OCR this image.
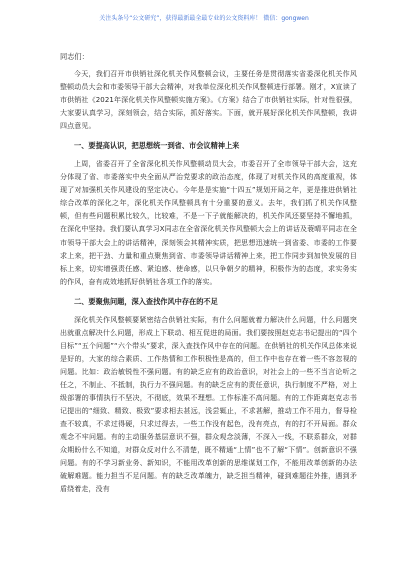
关注头条号“公文研究”，获得最新最全最专业的公文资料库！ 微信：gongwen

同志们：

今天，我们召开市供销社深化机关作风整顿会议，主要任务是贯彻落实省委深化机关作风整顿动员大会和市委领导干部大会精神，对我单位深化机关作风整顿进行部署。刚才，X宣读了市供销社《2021年深化机关作风整顿实施方案》。《方案》结合了市供销社实际，针对性很强，大家要认真学习，深刻领会，结合实际，抓好落实。下面，就开展好深化机关作风整顿，我讲四点意见。

一、要提高认识，把思想统一到省、市会议精神上来

上周，省委召开了全省深化机关作风整顿动员大会，市委召开了全市领导干部大会，这充分体现了省、市委落实中央全面从严治党要求的政治态度，体现了对机关作风的高度重视，体现了对加强机关作风建设的坚定决心。今年是是实施“十四五”规划开局之年，更是推进供销社综合改革的深化之年，深化机关作风整顿具有十分重要的意义。去年，我们抓了机关作风整顿，但有些问题积累比较久，比较难，不是一下子就能解决的，机关作风还要坚持不懈地抓，在深化中坚持。我们要认真学习X同志在全省深化机关作风整顿大会上的讲话及蓑晴平同志在全市领导干部大会上的讲话精神，深刻领会其精神实质，把思想迅速统一到省委、市委的工作要求上来，把干劲、力量和重点聚焦到省、市委领导讲话精神上来，把工作同步到加快发展的目标上来，切实增强责任感、紧迫感、使命感，以只争朝夕的精神，积极作为的态度，求实务实的作风，奋有成效地抓好供销社各项工作的落实。

二、要聚焦问题，深入查找作风中存在的不足

深化机关作风整顿要紧密结合供销社实际，有什么问题就着力解决什么问题，什么问题突出就重点解决什么问题，形成上下联动、相互促进的局面。我们要按照赵克志书记提出的“四个目标”“五个问题”“六个带头”要求，深入查找作风中存在的问题。在供销社的机关作风总体来说是好的，大家的综合素质、工作热情和工作积极性是高的，但工作中也存在着一些不容忽视的问题。比如：政治敏锐性不强问题。有的缺乏应有的政治意识，对社会上的一些不当言论听之任之，不制止、不抵制，执行力不强问题。有的缺乏应有的责任意识，执行制度不严格，对上级部署的事情执行不坚决，不彻底，效果不理想。工作标准不高问题。有的工作距离赵克志书记提出的“细致、精致、极致”要求相去甚远，浅尝辄止，不求甚解，推动工作不用力，督导检查不较真，不求过得硬，只求过得去，一些工作没有起色，没有亮点，有的打不开局面。群众观念不牢问题。有的主动服务基层意识不强，群众观念淡薄，不深入一线，不联系群众，对群众期盼什么不知道，对群众反对什么不清楚，既不精通“上情”也不了解“下情”。创新意识不强问题。有的不学习新业务、新知识，不能用改革创新的思维谋划工作，不能用改革创新的办法破解难题。能力担当不足问题。有的缺乏改革魄力，缺乏担当精神，碰到难题往外推，遇到矛盾绕着走，没有
